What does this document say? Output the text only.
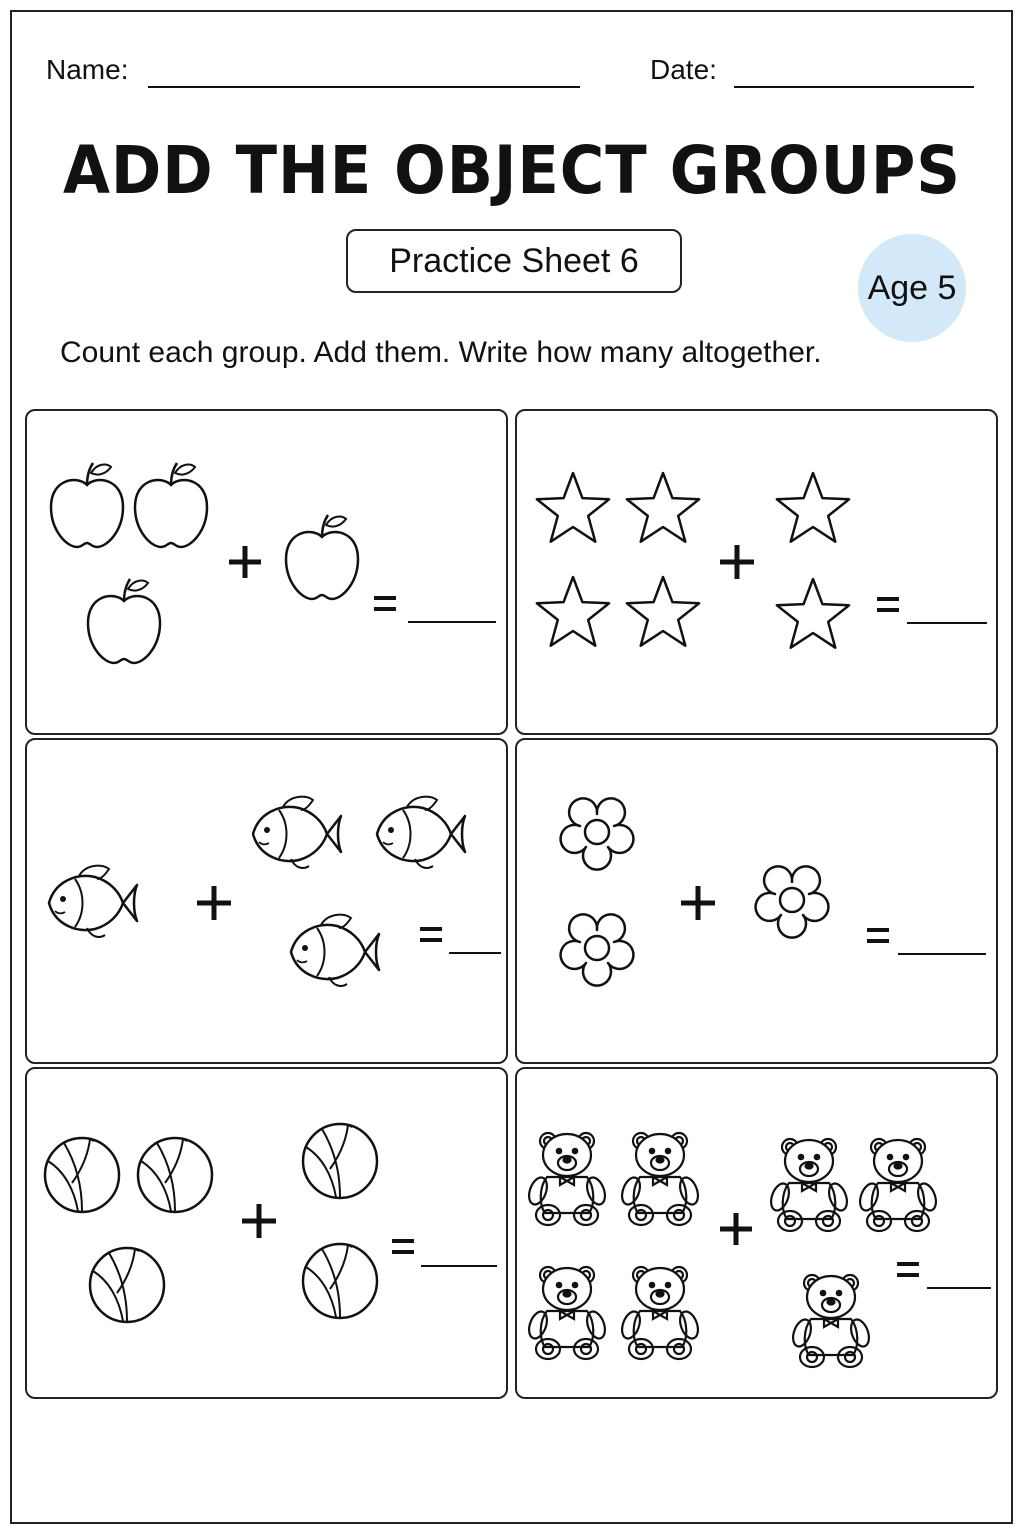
Name:	Date:
ADD THE OBJECT GROUPS
Practice Sheet 6
Age 5
Count each group. Add them. Write how many altogether.
